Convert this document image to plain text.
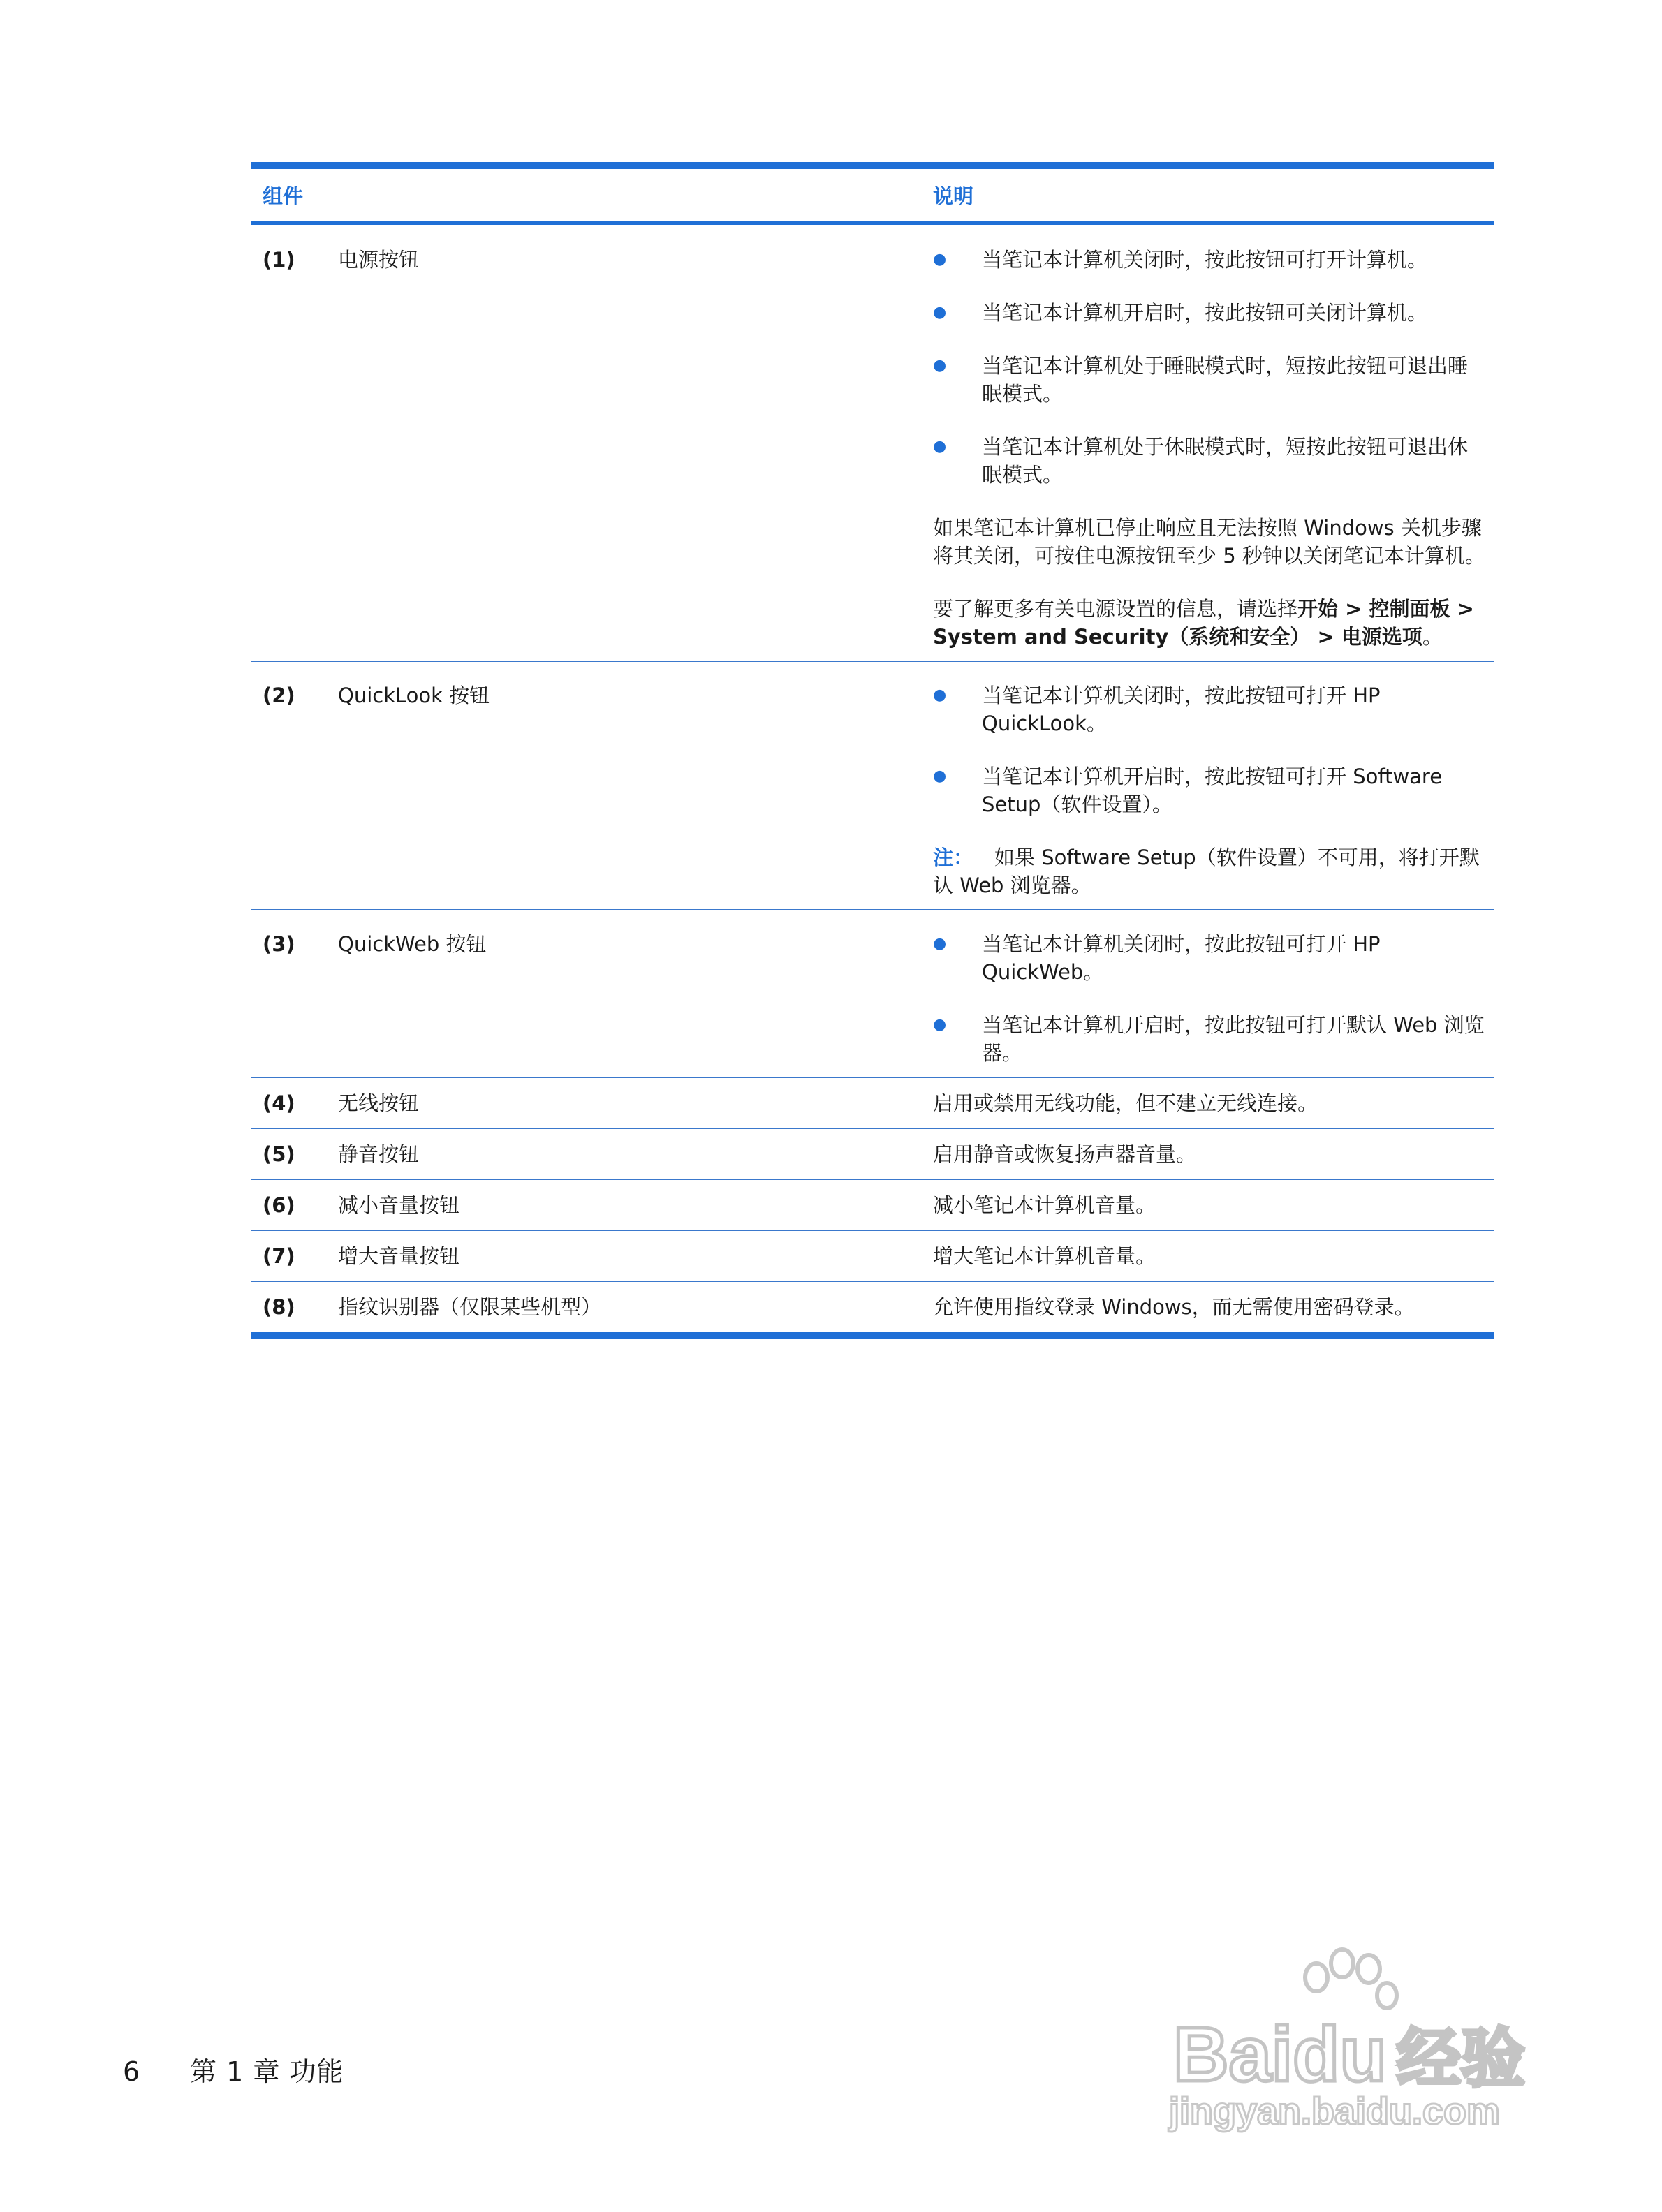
组件	说明
(1)	电源按钮	●	当笔记本计算机关闭时，按此按钮可打开计算机。
●	当笔记本计算机开启时，按此按钮可关闭计算机。
●	当笔记本计算机处于睡眠模式时，短按此按钮可退出睡眠模式。
●	当笔记本计算机处于休眠模式时，短按此按钮可退出休眠模式。
如果笔记本计算机已停止响应且无法按照 Windows 关机步骤将其关闭，可按住电源按钮至少 5 秒钟以关闭笔记本计算机。
要了解更多有关电源设置的信息，请选择开始 > 控制面板 > System and Security（系统和安全） > 电源选项。
(2)	QuickLook 按钮	●	当笔记本计算机关闭时，按此按钮可打开 HP QuickLook。
●	当笔记本计算机开启时，按此按钮可打开 Software Setup（软件设置）。
注： 如果 Software Setup（软件设置）不可用，将打开默认 Web 浏览器。
(3)	QuickWeb 按钮	●	当笔记本计算机关闭时，按此按钮可打开 HP QuickWeb。
●	当笔记本计算机开启时，按此按钮可打开默认 Web 浏览器。
(4)	无线按钮	启用或禁用无线功能，但不建立无线连接。
(5)	静音按钮	启用静音或恢复扬声器音量。
(6)	减小音量按钮	减小笔记本计算机音量。
(7)	增大音量按钮	增大笔记本计算机音量。
(8)	指纹识别器（仅限某些机型）	允许使用指纹登录 Windows，而无需使用密码登录。
6	第 1 章 功能	Baidu 经验
jingyan.baidu.com
